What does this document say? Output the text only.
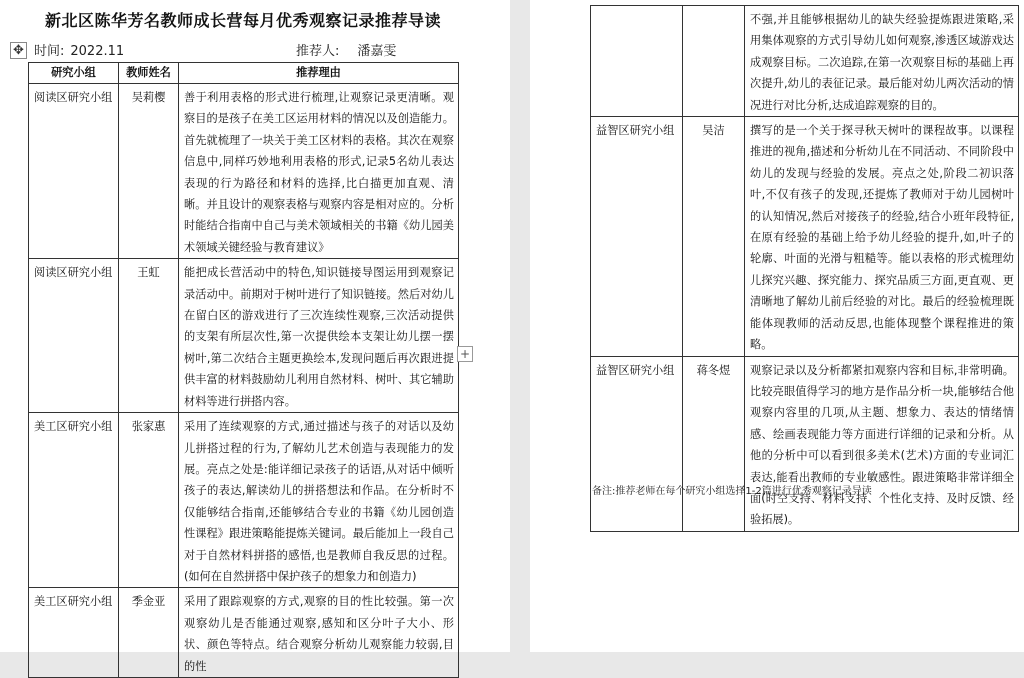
新北区陈华芳名教师成长营每月优秀观察记录推荐导读
✥ 时间: 2022.11	推荐人: 潘嘉雯
研究小组	教师姓名	推荐理由
阅读区研究小组	吴莉樱	善于利用表格的形式进行梳理,让观察记录更清晰。观察目的是孩子在美工区运用材料的情况以及创造能力。首先就梳理了一块关于美工区材料的表格。其次在观察信息中,同样巧妙地利用表格的形式,记录5名幼儿表达表现的行为路径和材料的选择,比白描更加直观、清晰。并且设计的观察表格与观察内容是相对应的。分析时能结合指南中自己与美术领域相关的书籍《幼儿园美术领域关键经验与教育建议》
阅读区研究小组	王虹	能把成长营活动中的特色,知识链接导图运用到观察记录活动中。前期对于树叶进行了知识链接。然后对幼儿在留白区的游戏进行了三次连续性观察,三次活动提供的支架有所层次性,第一次提供绘本支架让幼儿摆一摆树叶,第二次结合主题更换绘本,发现问题后再次跟进提供丰富的材料鼓励幼儿利用自然材料、树叶、其它辅助材料等进行拼搭内容。
美工区研究小组	张家惠	采用了连续观察的方式,通过描述与孩子的对话以及幼儿拼搭过程的行为,了解幼儿艺术创造与表现能力的发展。亮点之处是:能详细记录孩子的话语,从对话中倾听孩子的表达,解读幼儿的拼搭想法和作品。在分析时不仅能够结合指南,还能够结合专业的书籍《幼儿园创造性课程》跟进策略能提炼关键词。最后能加上一段自己对于自然材料拼搭的感悟,也是教师自我反思的过程。(如何在自然拼搭中保护孩子的想象力和创造力)
美工区研究小组	季金亚	采用了跟踪观察的方式,观察的目的性比较强。第一次观察幼儿是否能通过观察,感知和区分叶子大小、形状、颜色等特点。结合观察分析幼儿观察能力较弱,目的性
+
		不强,并且能够根据幼儿的缺失经验提炼跟进策略,采用集体观察的方式引导幼儿如何观察,渗透区域游戏达成观察目标。二次追踪,在第一次观察目标的基础上再次提升,幼儿的表征记录。最后能对幼儿两次活动的情况进行对比分析,达成追踪观察的目的。
益智区研究小组	吴洁	撰写的是一个关于探寻秋天树叶的课程故事。以课程推进的视角,描述和分析幼儿在不同活动、不同阶段中幼儿的发现与经验的发展。亮点之处,阶段二初识落叶,不仅有孩子的发现,还提炼了教师对于幼儿园树叶的认知情况,然后对接孩子的经验,结合小班年段特征,在原有经验的基础上给予幼儿经验的提升,如,叶子的轮廓、叶面的光滑与粗糙等。能以表格的形式梳理幼儿探究兴趣、探究能力、探究品质三方面,更直观、更清晰地了解幼儿前后经验的对比。最后的经验梳理既能体现教师的活动反思,也能体现整个课程推进的策略。
益智区研究小组	蒋冬煜	观察记录以及分析都紧扣观察内容和目标,非常明确。比较亮眼值得学习的地方是作品分析一块,能够结合他观察内容里的几项,从主题、想象力、表达的情绪情感、绘画表现能力等方面进行详细的记录和分析。从他的分析中可以看到很多美术(艺术)方面的专业词汇表达,能看出教师的专业敏感性。跟进策略非常详细全面(时空支持、材料支持、个性化支持、及时反馈、经验拓展)。
备注:推荐老师在每个研究小组选择1-2篇进行优秀观察记录导读
